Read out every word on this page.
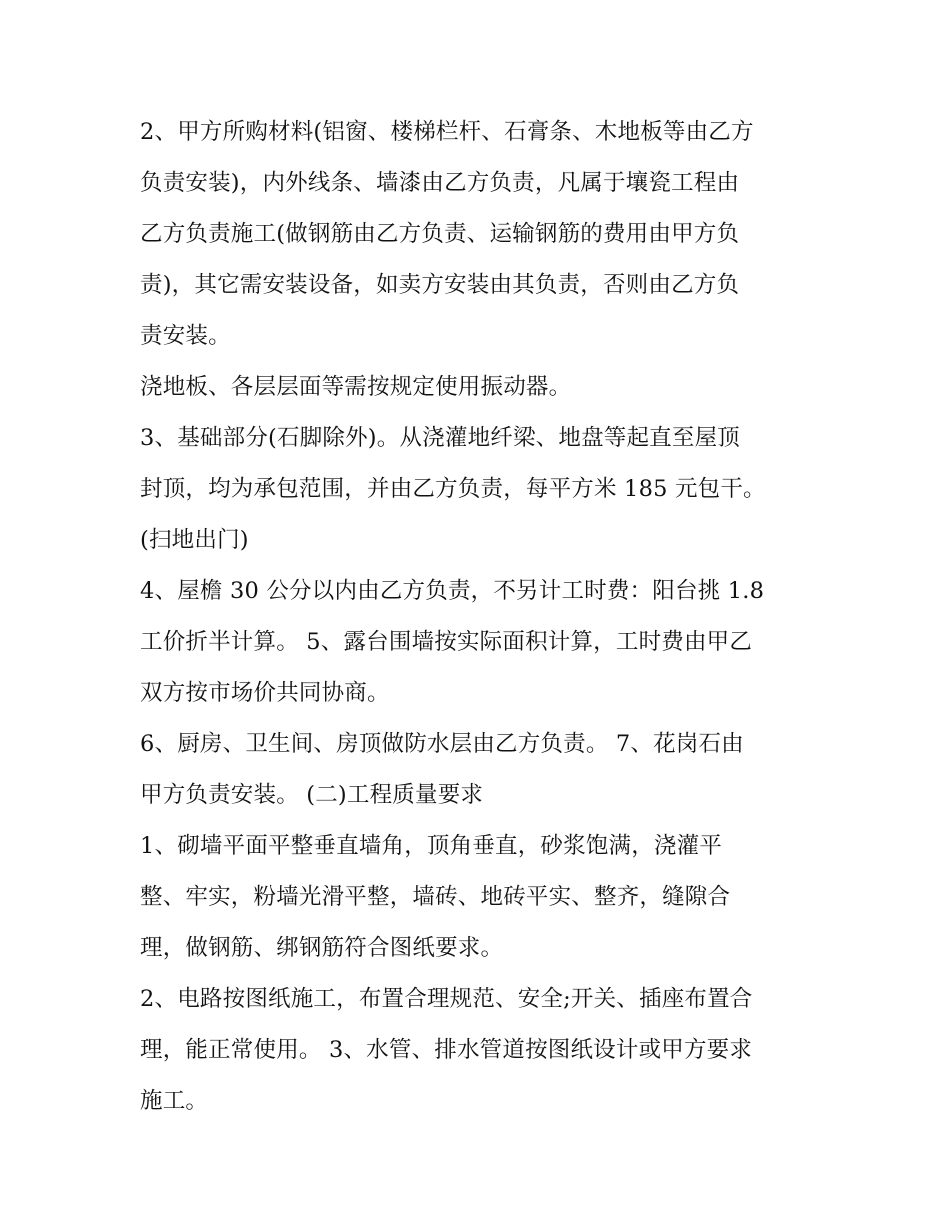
2、甲方所购材料(铝窗、楼梯栏杆、石膏条、木地板等由乙方
负责安装)，内外线条、墙漆由乙方负责，凡属于壤瓷工程由
乙方负责施工(做钢筋由乙方负责、运输钢筋的费用由甲方负
责)，其它需安装设备，如卖方安装由其负责，否则由乙方负
责安装。

浇地板、各层层面等需按规定使用振动器。

3、基础部分(石脚除外)。从浇灌地纤梁、地盘等起直至屋顶
封顶，均为承包范围，并由乙方负责，每平方米 185 元包干。
(扫地出门)

4、屋檐 30 公分以内由乙方负责，不另计工时费：阳台挑 1.8
工价折半计算。 5、露台围墙按实际面积计算，工时费由甲乙
双方按市场价共同协商。

6、厨房、卫生间、房顶做防水层由乙方负责。 7、花岗石由
甲方负责安装。 (二)工程质量要求

1、砌墙平面平整垂直墙角，顶角垂直，砂浆饱满，浇灌平
整、牢实，粉墙光滑平整，墙砖、地砖平实、整齐，缝隙合
理，做钢筋、绑钢筋符合图纸要求。

2、电路按图纸施工，布置合理规范、安全;开关、插座布置合
理，能正常使用。 3、水管、排水管道按图纸设计或甲方要求
施工。
